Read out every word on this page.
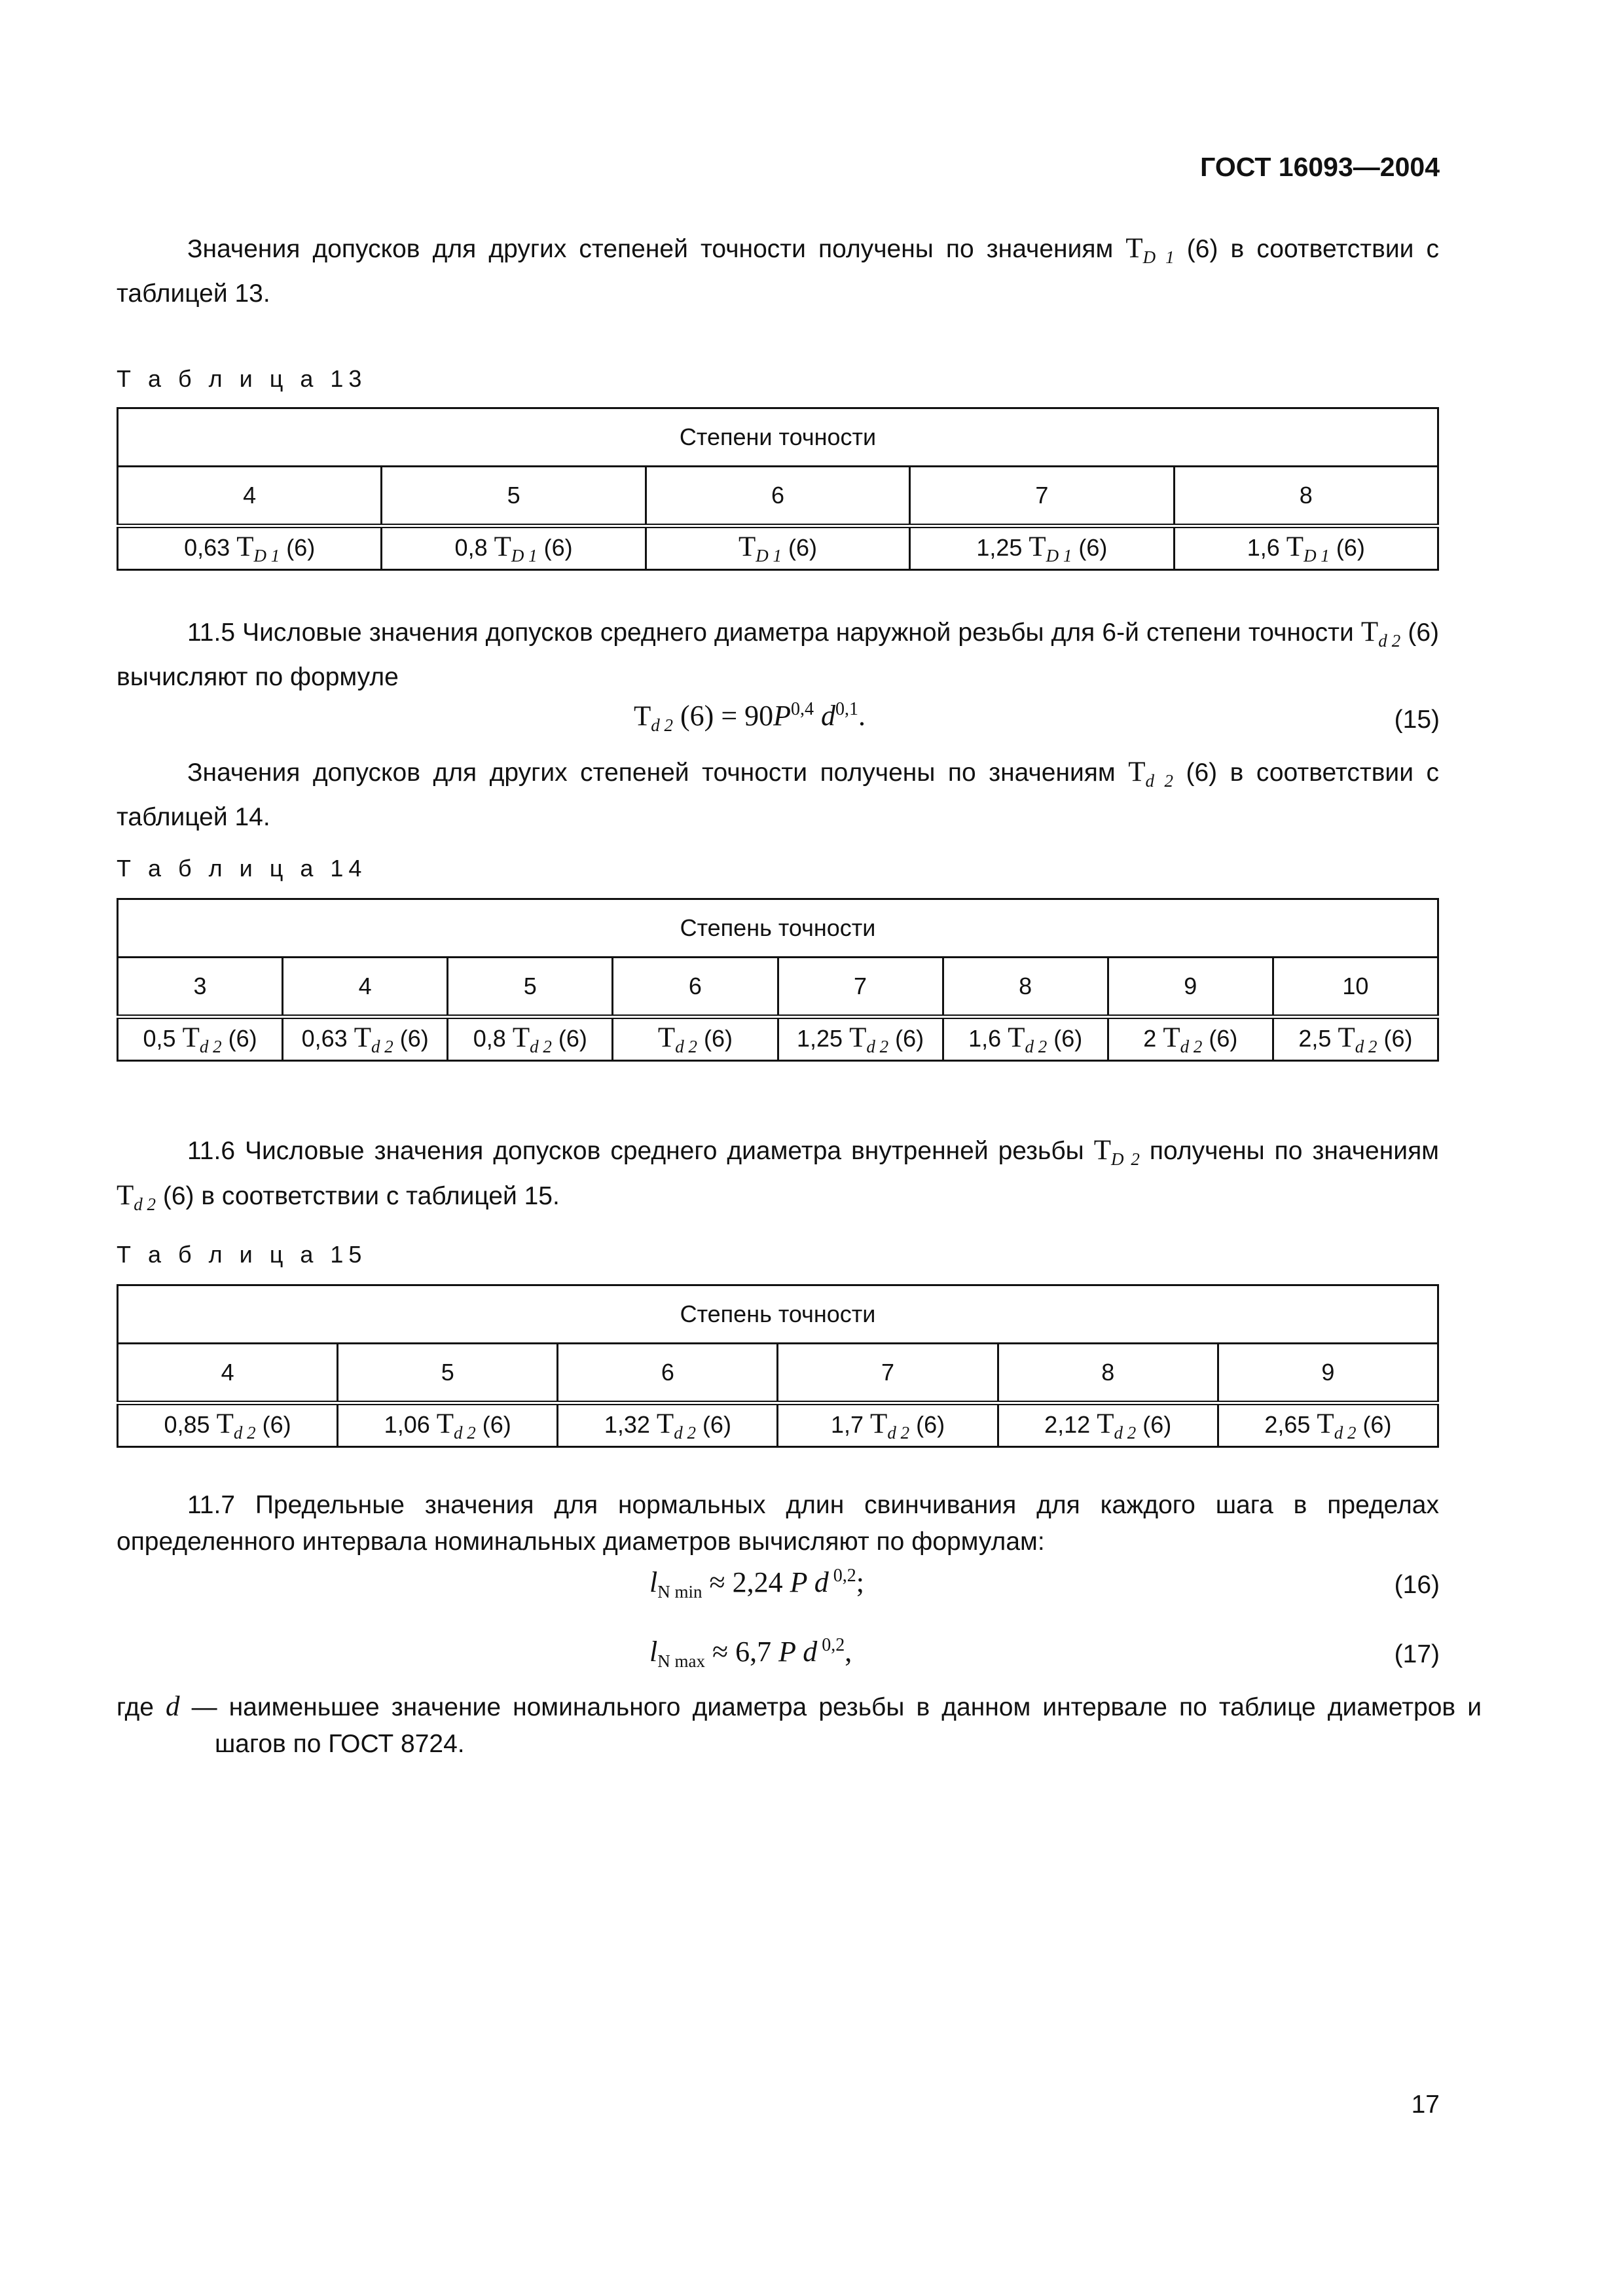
ГОСТ 16093—2004
Значения допусков для других степеней точности получены по значениям $T_{D 1}$ (6) в соответствии с таблицей 13.
Т а б л и ц а 13
Степени точности				
4	5	6	7	8
0,63 $T_{D 1}$ (6)	0,8 $T_{D 1}$ (6)	$T_{D 1}$ (6)	1,25 $T_{D 1}$ (6)	1,6 $T_{D 1}$ (6)
11.5 Числовые значения допусков среднего диаметра наружной резьбы для 6-й степени точности $T_{d 2}$ (6) вычисляют по формуле
$T_{d 2}$ $(6) = 90P^{0,4}$ $d^{0,1}$.	(15)
Значения допусков для других степеней точности получены по значениям $T_{d 2}$ (6) в соответствии с таблицей 14.
Т а б л и ц а 14
Степень точности							
3	4	5	6	7	8	9	10
0,5 $T_{d 2}$ (6)	0,63 $T_{d 2}$ (6)	0,8 $T_{d 2}$ (6)	$T_{d 2}$ (6)	1,25 $T_{d 2}$ (6)	1,6 $T_{d 2}$ (6)	2 $T_{d 2}$ (6)	2,5 $T_{d 2}$ (6)
11.6 Числовые значения допусков среднего диаметра внутренней резьбы $T_{D 2}$ получены по значениям $T_{d 2}$ (6) в соответствии с таблицей 15.
Т а б л и ц а 15
Степень точности					
4	5	6	7	8	9
0,85 $T_{d 2}$ (6)	1,06 $T_{d 2}$ (6)	1,32 $T_{d 2}$ (6)	1,7 $T_{d 2}$ (6)	2,12 $T_{d 2}$ (6)	2,65 $T_{d 2}$ (6)
11.7 Предельные значения для нормальных длин свинчивания для каждого шага в пределах определенного интервала номинальных диаметров вычисляют по формулам:
$l_{N min} \approx 2,24$ P d $^{0,2}$;	(16)
$l_{N max} \approx 6,7$ P d $^{0,2}$,	(17)
где d — наименьшее значение номинального диаметра резьбы в данном интервале по таблице диаметров и шагов по ГОСТ 8724.
17
